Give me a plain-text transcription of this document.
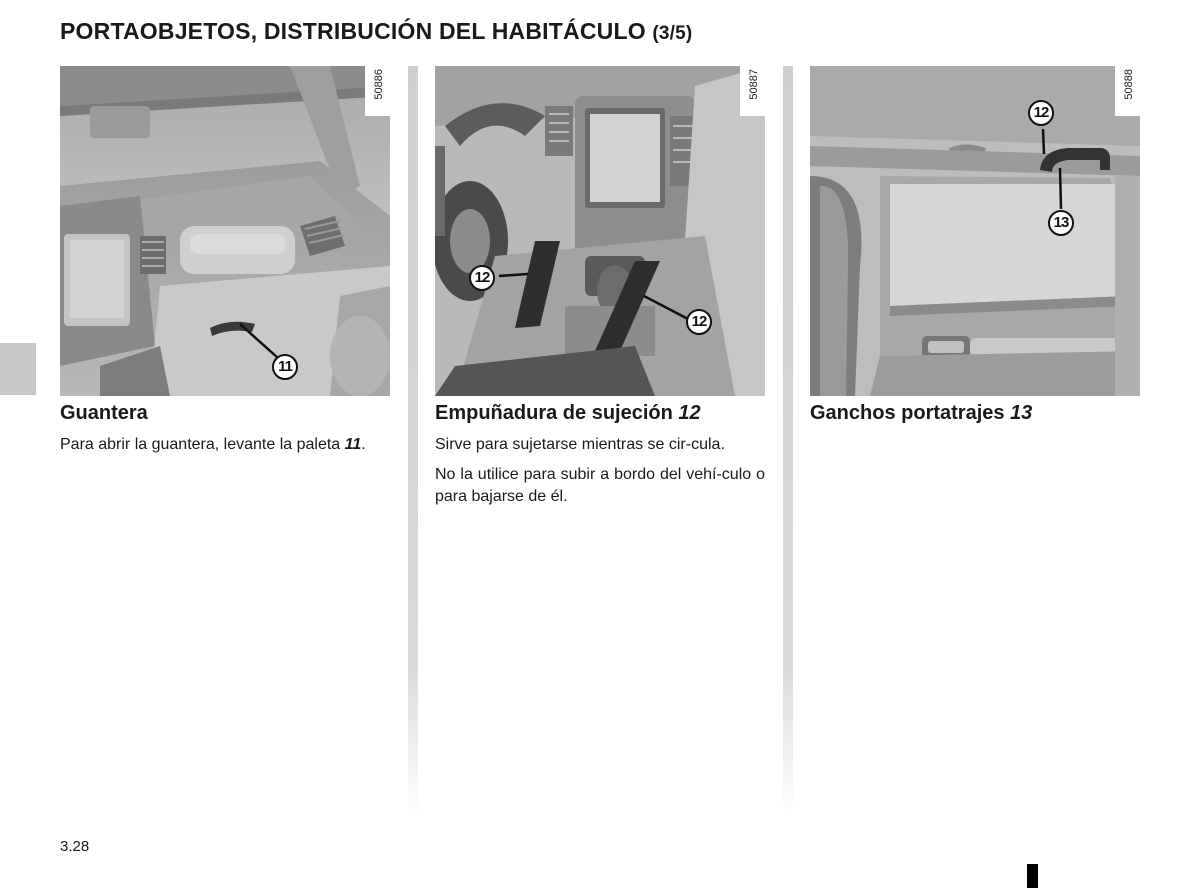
PORTAOBJETOS, DISTRIBUCIÓN DEL HABITÁCULO (3/5)
50886
11
50887
12
12
50888
12
13
Guantera	Empuñadura de sujeción 12	Ganchos portatrajes 13

Para abrir la guantera, levante la paleta 11.	Sirve para sujetarse mientras se cir-cula.

No la utilice para subir a bordo del vehí-culo o para bajarse de él.

3.28
